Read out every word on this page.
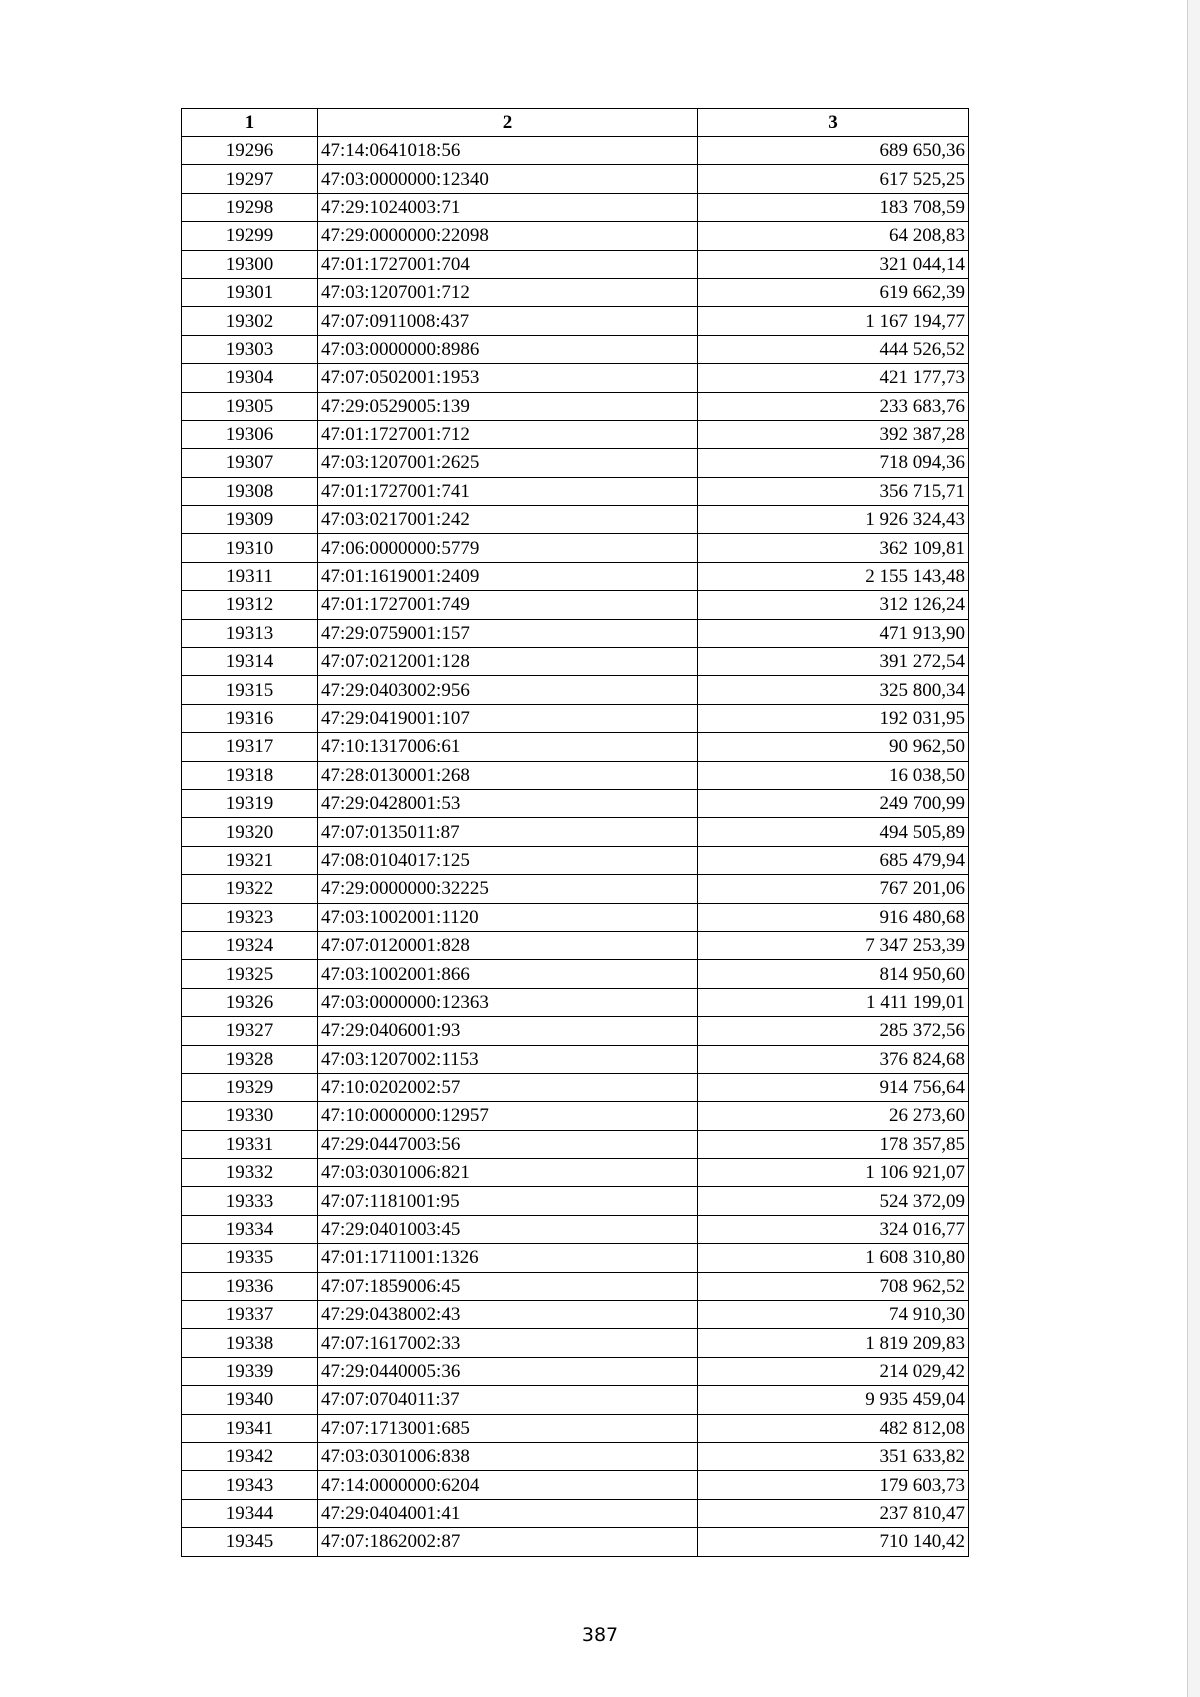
1	2	3
19296	47:14:0641018:56	689 650,36
19297	47:03:0000000:12340	617 525,25
19298	47:29:1024003:71	183 708,59
19299	47:29:0000000:22098	64 208,83
19300	47:01:1727001:704	321 044,14
19301	47:03:1207001:712	619 662,39
19302	47:07:0911008:437	1 167 194,77
19303	47:03:0000000:8986	444 526,52
19304	47:07:0502001:1953	421 177,73
19305	47:29:0529005:139	233 683,76
19306	47:01:1727001:712	392 387,28
19307	47:03:1207001:2625	718 094,36
19308	47:01:1727001:741	356 715,71
19309	47:03:0217001:242	1 926 324,43
19310	47:06:0000000:5779	362 109,81
19311	47:01:1619001:2409	2 155 143,48
19312	47:01:1727001:749	312 126,24
19313	47:29:0759001:157	471 913,90
19314	47:07:0212001:128	391 272,54
19315	47:29:0403002:956	325 800,34
19316	47:29:0419001:107	192 031,95
19317	47:10:1317006:61	90 962,50
19318	47:28:0130001:268	16 038,50
19319	47:29:0428001:53	249 700,99
19320	47:07:0135011:87	494 505,89
19321	47:08:0104017:125	685 479,94
19322	47:29:0000000:32225	767 201,06
19323	47:03:1002001:1120	916 480,68
19324	47:07:0120001:828	7 347 253,39
19325	47:03:1002001:866	814 950,60
19326	47:03:0000000:12363	1 411 199,01
19327	47:29:0406001:93	285 372,56
19328	47:03:1207002:1153	376 824,68
19329	47:10:0202002:57	914 756,64
19330	47:10:0000000:12957	26 273,60
19331	47:29:0447003:56	178 357,85
19332	47:03:0301006:821	1 106 921,07
19333	47:07:1181001:95	524 372,09
19334	47:29:0401003:45	324 016,77
19335	47:01:1711001:1326	1 608 310,80
19336	47:07:1859006:45	708 962,52
19337	47:29:0438002:43	74 910,30
19338	47:07:1617002:33	1 819 209,83
19339	47:29:0440005:36	214 029,42
19340	47:07:0704011:37	9 935 459,04
19341	47:07:1713001:685	482 812,08
19342	47:03:0301006:838	351 633,82
19343	47:14:0000000:6204	179 603,73
19344	47:29:0404001:41	237 810,47
19345	47:07:1862002:87	710 140,42
387
